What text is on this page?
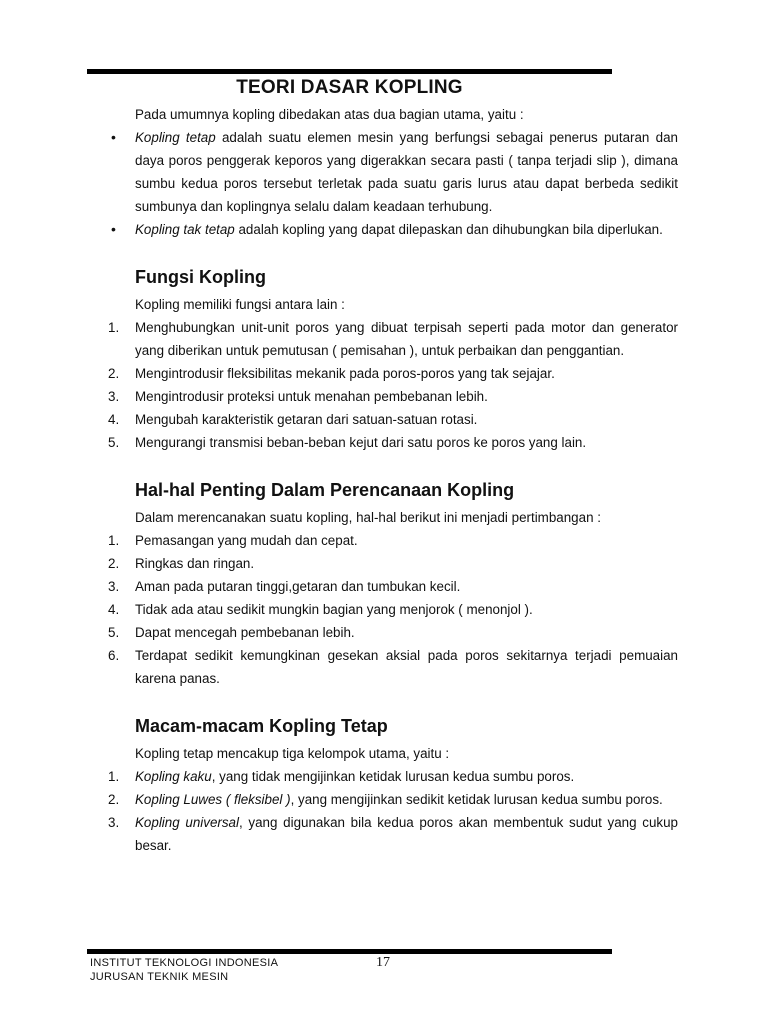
TEORI DASAR KOPLING

Pada umumnya kopling dibedakan atas dua bagian utama, yaitu :

•	Kopling tetap adalah suatu elemen mesin yang berfungsi sebagai penerus putaran dan daya poros penggerak keporos yang digerakkan secara pasti ( tanpa terjadi slip ), dimana sumbu kedua poros tersebut terletak pada suatu garis lurus atau dapat berbeda sedikit sumbunya dan koplingnya selalu dalam keadaan terhubung.
•	Kopling tak tetap adalah kopling yang dapat dilepaskan dan dihubungkan bila diperlukan.
Fungsi Kopling

Kopling memiliki fungsi antara lain :

1.	Menghubungkan unit-unit poros yang dibuat terpisah seperti pada motor dan generator yang diberikan untuk pemutusan ( pemisahan ), untuk perbaikan dan penggantian.
2.	Mengintrodusir fleksibilitas mekanik pada poros-poros yang tak sejajar.
3.	Mengintrodusir proteksi untuk menahan pembebanan lebih.
4.	Mengubah karakteristik getaran dari satuan-satuan rotasi.
5.	Mengurangi transmisi beban-beban kejut dari satu poros ke poros yang lain.
Hal-hal Penting Dalam Perencanaan Kopling

Dalam merencanakan suatu kopling, hal-hal berikut ini menjadi pertimbangan :

1.	Pemasangan yang mudah dan cepat.
2.	Ringkas dan ringan.
3.	Aman pada putaran tinggi,getaran dan tumbukan kecil.
4.	Tidak ada atau sedikit mungkin bagian yang menjorok ( menonjol ).
5.	Dapat mencegah pembebanan lebih.
6.	Terdapat sedikit kemungkinan gesekan aksial pada poros sekitarnya terjadi pemuaian karena panas.
Macam-macam Kopling Tetap

Kopling tetap mencakup tiga kelompok utama, yaitu :

1.	Kopling kaku, yang tidak mengijinkan ketidak lurusan kedua sumbu poros.
2.	Kopling Luwes ( fleksibel ), yang mengijinkan sedikit ketidak lurusan kedua sumbu poros.
3.	Kopling universal, yang digunakan bila kedua poros akan membentuk sudut yang cukup besar.
INSTITUT TEKNOLOGI INDONESIA
JURUSAN TEKNIK MESIN
17
